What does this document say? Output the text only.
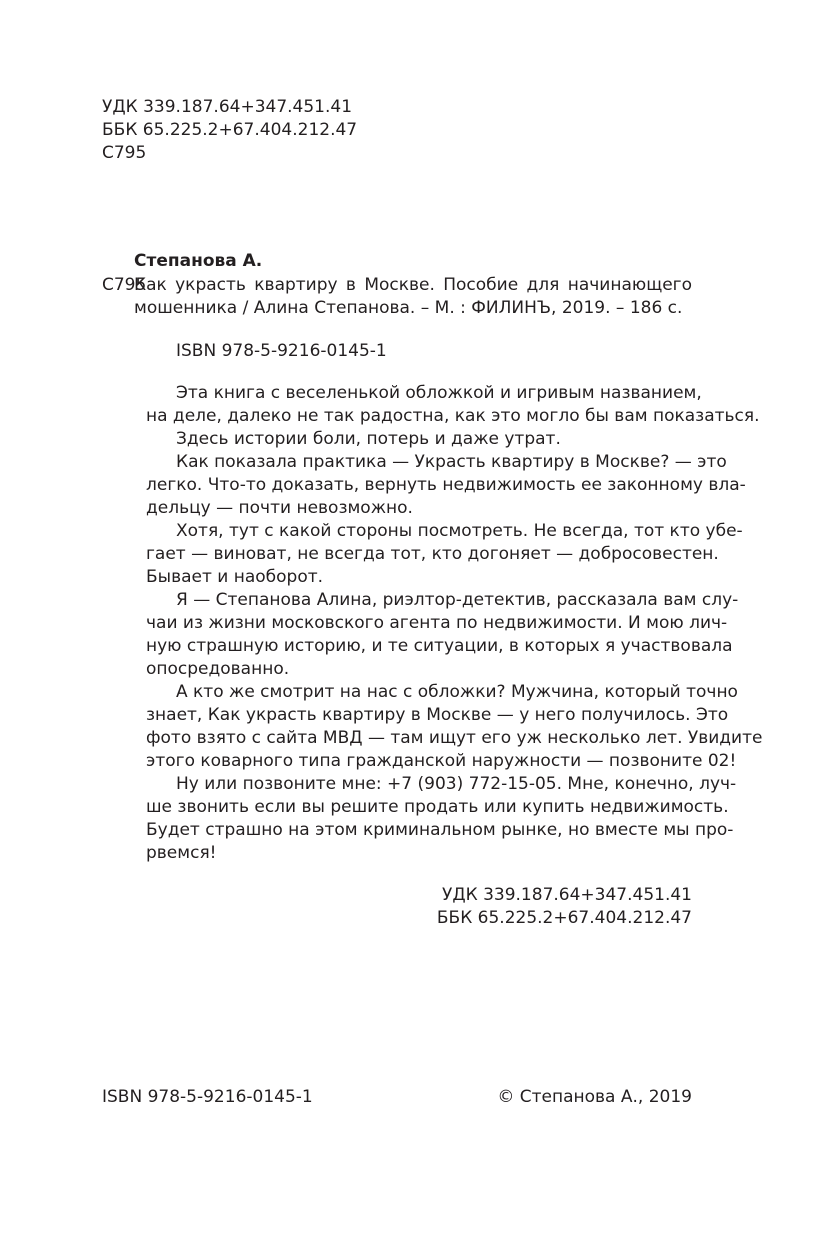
УДК 339.187.64+347.451.41
ББК 65.225.2+67.404.212.47
С795
Степанова А.
С795
Как украсть квартиру в Москве. Пособие для начинающего
мошенника / Алина Степанова. – М. : ФИЛИНЪ, 2019. – 186 с.
ISBN 978-5-9216-0145-1
Эта книга с веселенькой обложкой и игривым названием,
на деле, далеко не так радостна, как это могло бы вам показаться.
Здесь истории боли, потерь и даже утрат.
Как показала практика — Украсть квартиру в Москве? — это
легко. Что-то доказать, вернуть недвижимость ее законному вла-
дельцу — почти невозможно.
Хотя, тут с какой стороны посмотреть. Не всегда, тот кто убе-
гает — виноват, не всегда тот, кто догоняет — добросовестен.
Бывает и наоборот.
Я — Степанова Алина, риэлтор-детектив, рассказала вам слу-
чаи из жизни московского агента по недвижимости. И мою лич-
ную страшную историю, и те ситуации, в которых я участвовала
опосредованно.
А кто же смотрит на нас с обложки? Мужчина, который точно
знает, Как украсть квартиру в Москве — у него получилось. Это
фото взято с сайта МВД — там ищут его уж несколько лет. Увидите
этого коварного типа гражданской наружности — позвоните 02!
Ну или позвоните мне: +7 (903) 772-15-05. Мне, конечно, луч-
ше звонить если вы решите продать или купить недвижимость.
Будет страшно на этом криминальном рынке, но вместе мы про-
рвемся!
УДК 339.187.64+347.451.41
ББК 65.225.2+67.404.212.47
ISBN 978-5-9216-0145-1	© Степанова А., 2019
